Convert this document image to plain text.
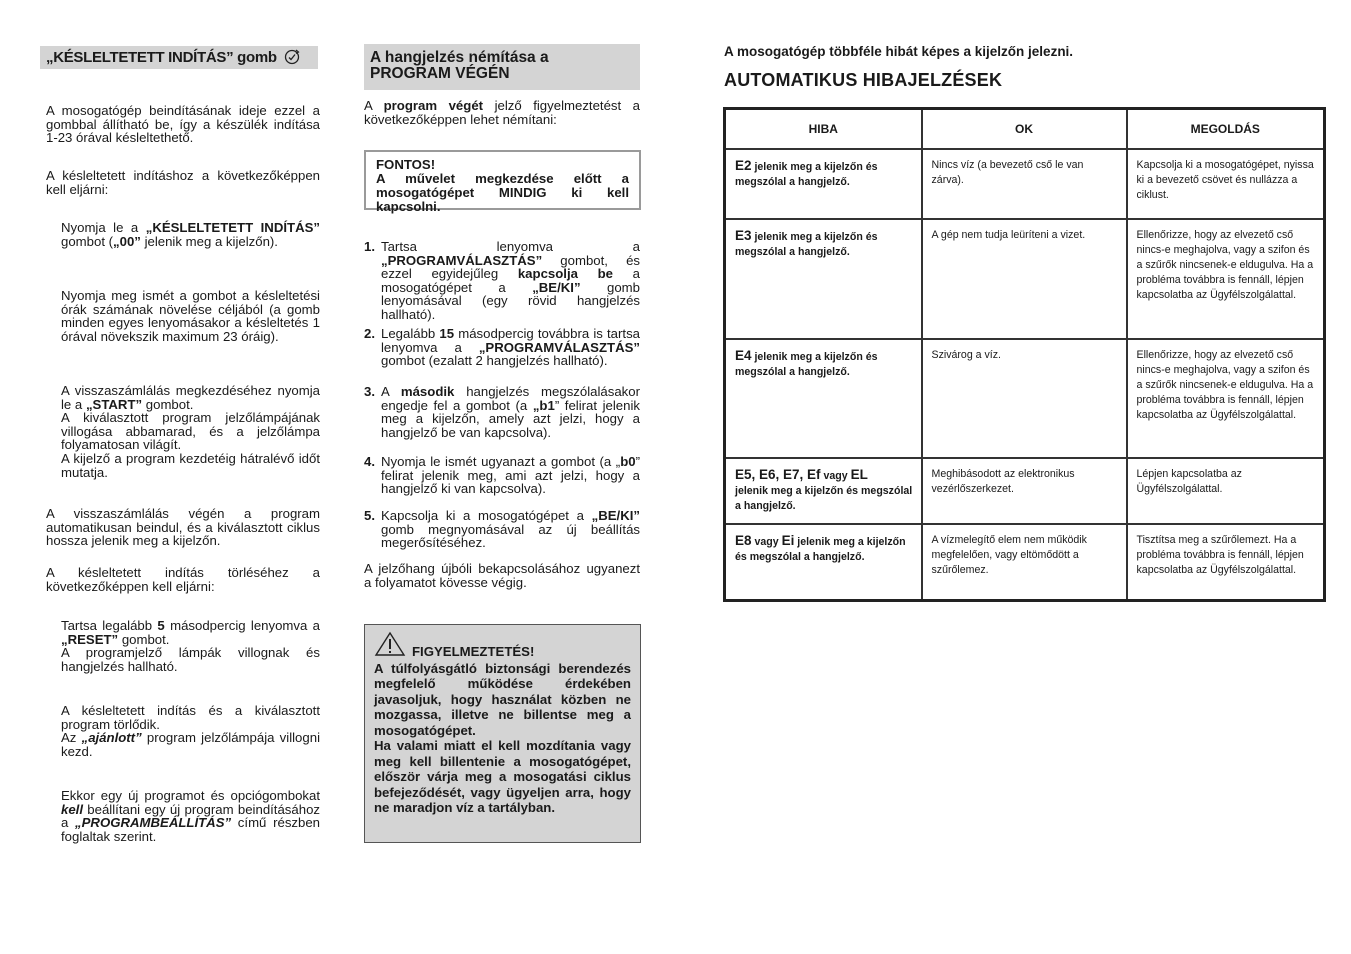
„KÉSLELTETETT INDÍTÁS” gomb

A mosogatógép beindításának ideje ezzel a gombbal állítható be, így a készülék indítása 1-23 órával késleltethető.

A késleltetett indításhoz a következőképpen kell eljárni:

Nyomja le a „KÉSLELTETETT INDÍTÁS” gombot („00” jelenik meg a kijelzőn).

Nyomja meg ismét a gombot a késleltetési órák számának növelése céljából (a gomb minden egyes lenyomásakor a késleltetés 1 órával növekszik maximum 23 óráig).

A visszaszámlálás megkezdéséhez nyomja le a „START” gombot.
A kiválasztott program jelzőlámpájának villogása abbamarad, és a jelzőlámpa folyamatosan világít.
A kijelző a program kezdetéig hátralévő időt mutatja.

A visszaszámlálás végén a program automatikusan beindul, és a kiválasztott ciklus hossza jelenik meg a kijelzőn.

A késleltetett indítás törléséhez a következőképpen kell eljárni:

Tartsa legalább 5 másodpercig lenyomva a „RESET” gombot.
A programjelző lámpák villognak és hangjelzés hallható.

A késleltetett indítás és a kiválasztott program törlődik.
Az „ajánlott” program jelzőlámpája villogni kezd.

Ekkor egy új programot és opciógombokat kell beállítani egy új program beindításához a „PROGRAMBEÁLLÍTÁS” című részben foglaltak szerint.

A hangjelzés némítása a
PROGRAM VÉGÉN

A program végét jelző figyelmeztetést a következőképpen lehet némítani:

FONTOS!
A művelet megkezdése előtt a mosogatógépet MINDIG ki kell kapcsolni.
1. Tartsa lenyomva a „PROGRAMVÁLASZTÁS” gombot, és ezzel egyidejűleg kapcsolja be a mosogatógépet a „BE/KI” gomb lenyomásával (egy rövid hangjelzés hallható).
2. Legalább 15 másodpercig továbbra is tartsa lenyomva a „PROGRAMVÁLASZTÁS” gombot (ezalatt 2 hangjelzés hallható).
3. A második hangjelzés megszólalásakor engedje fel a gombot (a „b1” felirat jelenik meg a kijelzőn, amely azt jelzi, hogy a hangjelző be van kapcsolva).
4. Nyomja le ismét ugyanazt a gombot (a „b0” felirat jelenik meg, ami azt jelzi, hogy a hangjelző ki van kapcsolva).
5. Kapcsolja ki a mosogatógépet a „BE/KI” gomb megnyomásával az új beállítás megerősítéséhez.

A jelzőhang újbóli bekapcsolásához ugyanezt a folyamatot kövesse végig.

FIGYELMEZTETÉS!
A túlfolyásgátló biztonsági berendezés megfelelő működése érdekében javasoljuk, hogy használat közben ne mozgassa, illetve ne billentse meg a mosogatógépet.
Ha valami miatt el kell mozdítania vagy meg kell billentenie a mosogatógépet, először várja meg a mosogatási ciklus befejeződését, vagy ügyeljen arra, hogy ne maradjon víz a tartályban.

A mosogatógép többféle hibát képes a kijelzőn jelezni.

AUTOMATIKUS HIBAJELZÉSEK

HIBA	OK	MEGOLDÁS
E2 jelenik meg a kijelzőn és megszólal a hangjelző.	Nincs víz (a bevezető cső le van zárva).	Kapcsolja ki a mosogatógépet, nyissa ki a bevezető csövet és nullázza a ciklust.
E3 jelenik meg a kijelzőn és megszólal a hangjelző.	A gép nem tudja leüríteni a vizet.	Ellenőrizze, hogy az elvezető cső nincs-e meghajolva, vagy a szifon és a szűrők nincsenek-e eldugulva. Ha a probléma továbbra is fennáll, lépjen kapcsolatba az Ügyfélszolgálattal.
E4 jelenik meg a kijelzőn és megszólal a hangjelző.	Szivárog a víz.	Ellenőrizze, hogy az elvezető cső nincs-e meghajolva, vagy a szifon és a szűrők nincsenek-e eldugulva. Ha a probléma továbbra is fennáll, lépjen kapcsolatba az Ügyfélszolgálattal.
E5, E6, E7, Ef vagy EL
jelenik meg a kijelzőn és megszólal a hangjelző.	Meghibásodott az elektronikus vezérlőszerkezet.	Lépjen kapcsolatba az Ügyfélszolgálattal.
E8 vagy Ei jelenik meg a kijelzőn és megszólal a hangjelző.	A vízmelegítő elem nem működik megfelelően, vagy eltömődött a szűrőlemez.	Tisztítsa meg a szűrőlemezt. Ha a probléma továbbra is fennáll, lépjen kapcsolatba az Ügyfélszolgálattal.
